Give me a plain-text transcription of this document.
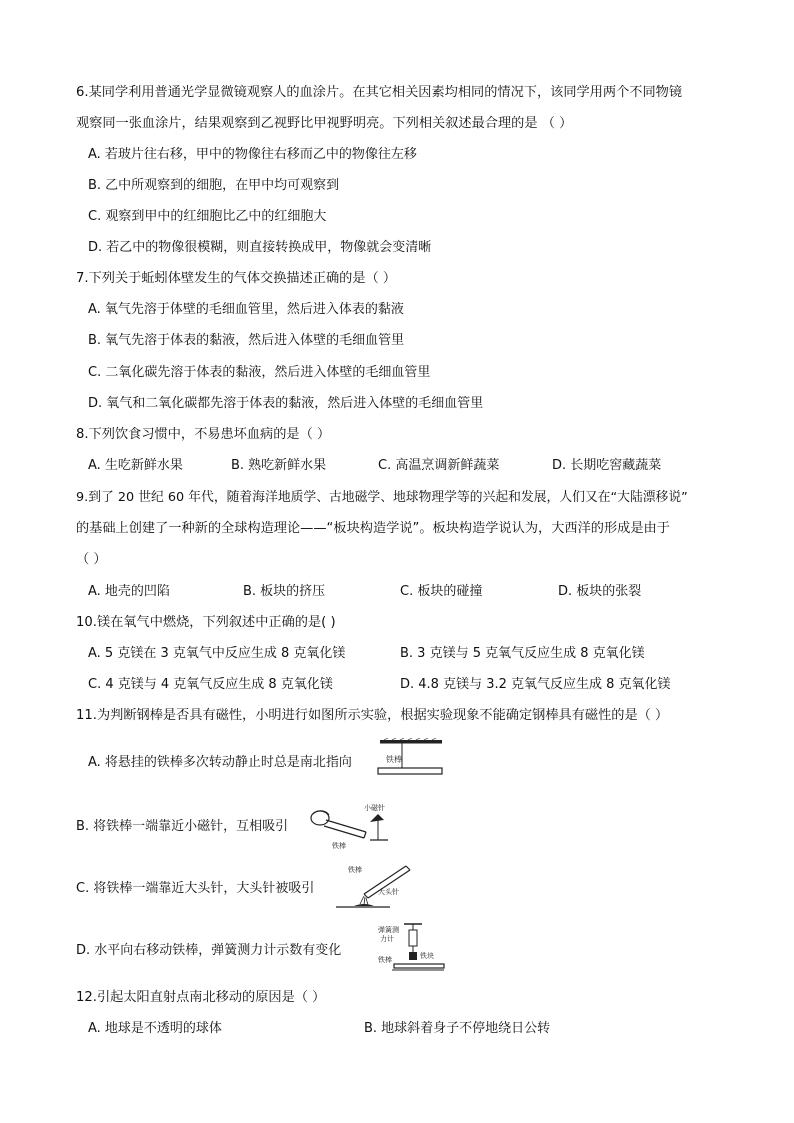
6.某同学利用普通光学显微镜观察人的血涂片。在其它相关因素均相同的情况下，该同学用两个不同物镜
观察同一张血涂片，结果观察到乙视野比甲视野明亮。下列相关叙述最合理的是 （ ）
A. 若玻片往右移，甲中的物像往右移而乙中的物像往左移
B. 乙中所观察到的细胞，在甲中均可观察到
C. 观察到甲中的红细胞比乙中的红细胞大
D. 若乙中的物像很模糊，则直接转换成甲，物像就会变清晰
7.下列关于蚯蚓体壁发生的气体交换描述正确的是（ ）
A. 氧气先溶于体壁的毛细血管里，然后进入体表的黏液
B. 氧气先溶于体表的黏液，然后进入体壁的毛细血管里
C. 二氧化碳先溶于体表的黏液，然后进入体壁的毛细血管里
D. 氧气和二氧化碳都先溶于体表的黏液，然后进入体壁的毛细血管里
8.下列饮食习惯中，不易患坏血病的是（ ）
A. 生吃新鲜水果	B. 熟吃新鲜水果	C. 高温烹调新鲜蔬菜	D. 长期吃窖藏蔬菜
9.到了 20 世纪 60 年代，随着海洋地质学、古地磁学、地球物理学等的兴起和发展，人们又在“大陆漂移说”
的基础上创建了一种新的全球构造理论——“板块构造学说”。板块构造学说认为，大西洋的形成是由于
（ ）
A. 地壳的凹陷	B. 板块的挤压	C. 板块的碰撞	D. 板块的张裂
10.镁在氧气中燃烧，下列叙述中正确的是( )
A. 5 克镁在 3 克氧气中反应生成 8 克氧化镁	B. 3 克镁与 5 克氧气反应生成 8 克氧化镁
C. 4 克镁与 4 克氧气反应生成 8 克氧化镁	D. 4.8 克镁与 3.2 克氧气反应生成 8 克氧化镁
11.为判断钢棒是否具有磁性，小明进行如图所示实验，根据实验现象不能确定钢棒具有磁性的是（ ）
A. 将悬挂的铁棒多次转动静止时总是南北指向	铁棒
B. 将铁棒一端靠近小磁针，互相吸引
小磁针
铁棒
C. 将铁棒一端靠近大头针，大头针被吸引
铁棒
大头针
D. 水平向右移动铁棒，弹簧测力计示数有变化
弹簧测
力计
铁块
铁棒
12.引起太阳直射点南北移动的原因是（ ）
A. 地球是不透明的球体	B. 地球斜着身子不停地绕日公转
